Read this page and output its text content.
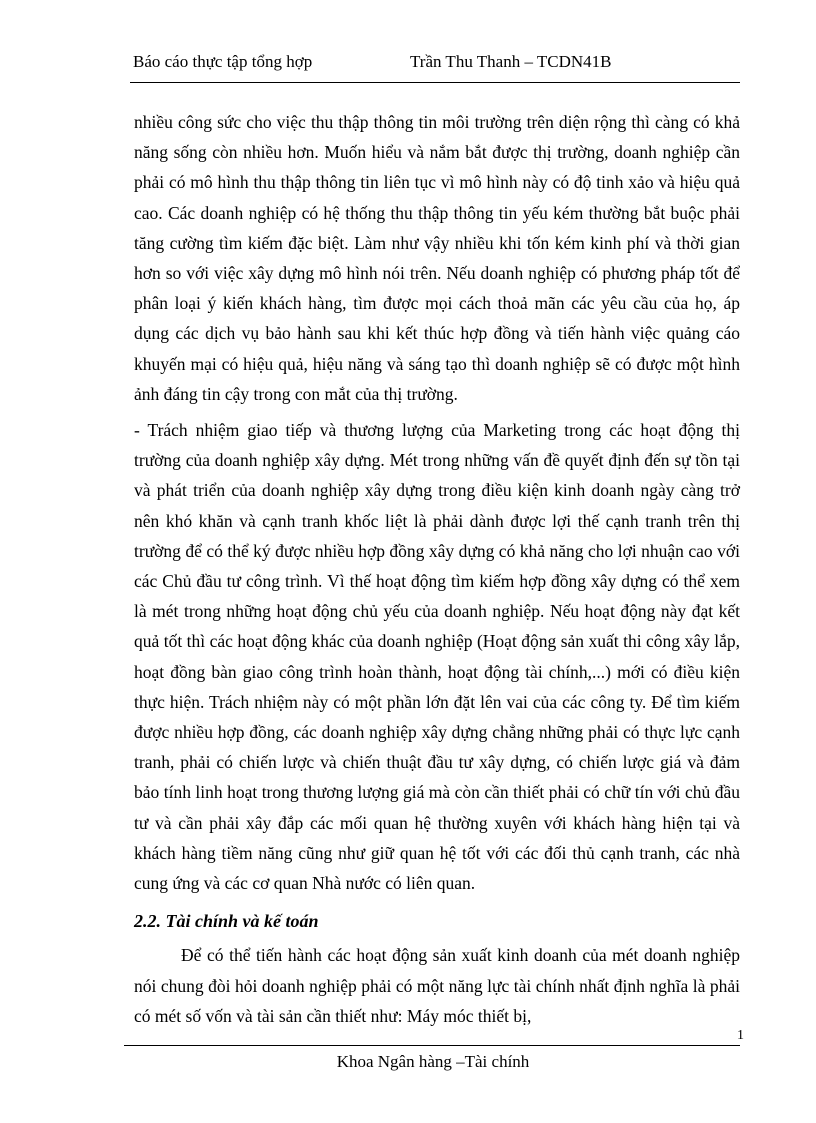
Báo cáo thực tập tổng hợp	Trần Thu Thanh – TCDN41B

nhiều công sức cho việc thu thập thông tin môi trường trên diện rộng thì càng có khả năng sống còn nhiều hơn. Muốn hiểu và nắm bắt được thị trường, doanh nghiệp cần phải có mô hình thu thập thông tin liên tục vì mô hình này có độ tinh xảo và hiệu quả cao. Các doanh nghiệp có hệ thống thu thập thông tin yếu kém thường bắt buộc phải tăng cường tìm kiếm đặc biệt. Làm như vậy nhiều khi tốn kém kinh phí và thời gian hơn so với việc xây dựng mô hình nói trên. Nếu doanh nghiệp có phương pháp tốt để phân loại ý kiến khách hàng, tìm được mọi cách thoả mãn các yêu cầu của họ, áp dụng các dịch vụ bảo hành sau khi kết thúc hợp đồng và tiến hành việc quảng cáo khuyến mại có hiệu quả, hiệu năng và sáng tạo thì doanh nghiệp sẽ có được một hình ảnh đáng tin cậy trong con mắt của thị trường.

- Trách nhiệm giao tiếp và thương lượng của Marketing trong các hoạt động thị trường của doanh nghiệp xây dựng. Mét trong những vấn đề quyết định đến sự tồn tại và phát triển của doanh nghiệp xây dựng trong điều kiện kinh doanh ngày càng trở nên khó khăn và cạnh tranh khốc liệt là phải dành được lợi thế cạnh tranh trên thị trường để có thể ký được nhiều hợp đồng xây dựng có khả năng cho lợi nhuận cao với các Chủ đầu tư công trình. Vì thế hoạt động tìm kiếm hợp đồng xây dựng có thể xem là mét trong những hoạt động chủ yếu của doanh nghiệp. Nếu hoạt động này đạt kết quả tốt thì các hoạt động khác của doanh nghiệp (Hoạt động sản xuất thi công xây lắp, hoạt đồng bàn giao công trình hoàn thành, hoạt động tài chính,...) mới có điều kiện thực hiện. Trách nhiệm này có một phần lớn đặt lên vai của các công ty. Để tìm kiếm được nhiều hợp đồng, các doanh nghiệp xây dựng chẳng những phải có thực lực cạnh tranh, phải có chiến lược và chiến thuật đầu tư xây dựng, có chiến lược giá và đảm bảo tính linh hoạt trong thương lượng giá mà còn cần thiết phải có chữ tín với chủ đầu tư và cần phải xây đắp các mối quan hệ thường xuyên với khách hàng hiện tại và khách hàng tiềm năng cũng như giữ quan hệ tốt với các đối thủ cạnh tranh, các nhà cung ứng và các cơ quan Nhà nước có liên quan.

2.2. Tài chính và kế toán

Để có thể tiến hành các hoạt động sản xuất kinh doanh của mét doanh nghiệp nói chung đòi hỏi doanh nghiệp phải có một năng lực tài chính nhất định nghĩa là phải có mét số vốn và tài sản cần thiết như: Máy móc thiết bị,

1
Khoa Ngân hàng –Tài chính
